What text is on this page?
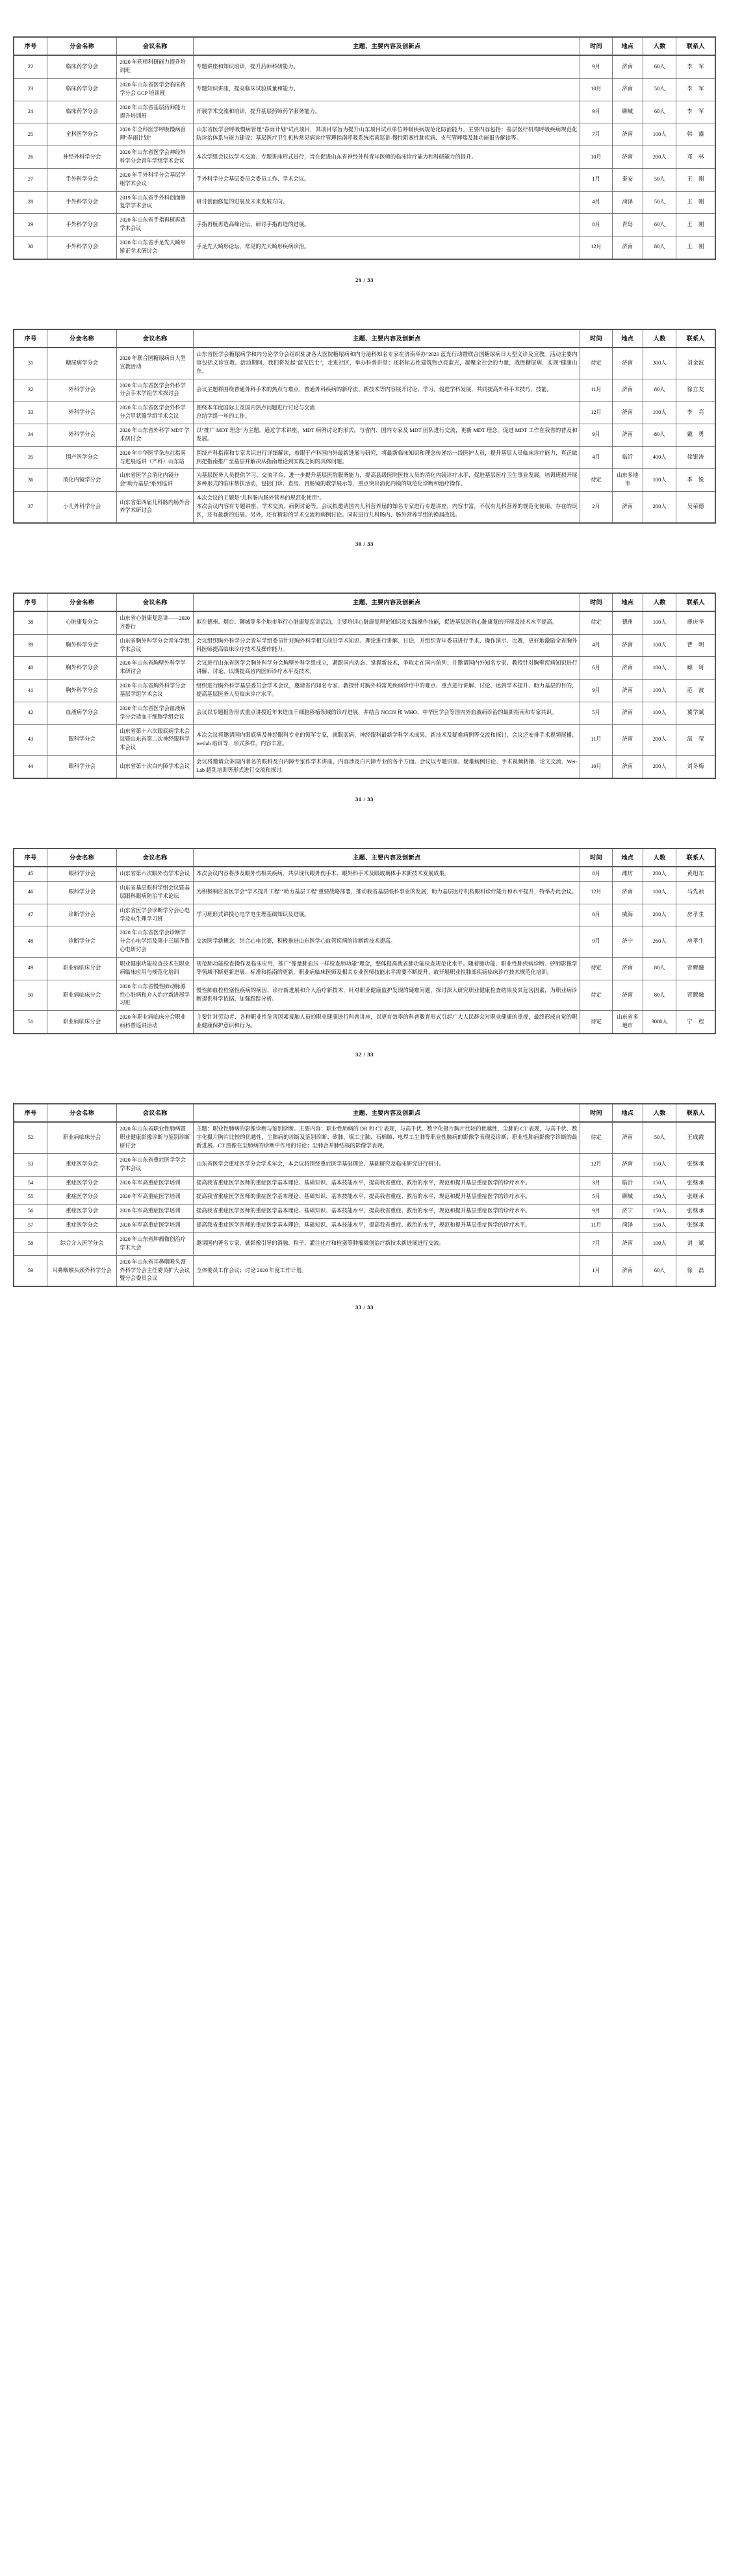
序号	分会名称	会议名称	主题、主要内容及创新点	时间	地点	人数	联系人
22	临床药学分会	2020 年药师科研能力提升培训班	专题讲座和知识培训，提升药师科研能力。	9月	济南	60人	李　军
23	临床药学分会	2020 年山东省医学会临床药学分会 GCP 培训班	专题知识讲座，提高临床试验质量和能力。	10月	济南	50人	李　军
24	临床药学分会	2020 年山东省基层药师能力提升培训班	开展学术交流和培训，提升基层药师药学服务能力。	9月	聊城	60人	李　军
25	全科医学分会	2020 年全科医学呼吸慢病管理"春雨计划"	山东省医学会呼吸慢病管理"春雨计划"试点项目，其项目宗旨为提升山东项目试点单位呼吸疾病规范化防治能力。主要内容包括：基层医疗机构呼吸疾病规范化防诊治体系与能力建设；基层医疗卫生机构常见病诊疗管理指南呼吸系统指南巡讲-慢性阻塞性肺疾病、支气管哮喘及肺功能报告解读等。	7月	济南	100人	韩　露
26	神经外科学分会	2020 年山东省医学会神经外科学分会青年学组学术会议	本次学组会议以学术交流、专题讲座形式进行，旨在促进山东省神经外科青年医师的临床诊疗能力和科研能力的提升。	10月	济南	200人	邓　林
27	手外科学分会	2020 年手外科学分会基层学组学术会议	手外科学分会基层委员会委员工作、学术会议。	1月	泰安	50人	王　刚
28	手外科学分会	2019 年山东省手外科创面修复学学术会议	研讨创面修复的进展及未来发展方向。	4月	菏泽	50人	王　刚
29	手外科学分会	2020 年山东省手指再植再造学术会议	手指再植再造高峰论坛，研讨手指再造的进展。	8月	青岛	60人	王　刚
30	手外科学分会	2020 年山东省手足先天畸形矫正学术研讨会	手足先天畸形论坛，常见的先天畸形疾病诊治。	12月	济南	80人	王　刚
29 / 33
序号	分会名称	会议名称	主题、主要内容及创新点	时间	地点	人数	联系人
31	糖尿病学分会	2020 年联合国糖尿病日大型宣教活动	山东省医学会糖尿病学和内分泌学分会组织驻济各大医院糖尿病和内分泌科知名专家在济南举办"2020 蓝光行动暨联合国糖尿病日大型义诊及宣教。活动主要内容包括义诊宣教、活动期间，我们将发起"蓝光巴士"，走进社区，举办科普讲堂；还将标志性建筑物点亮蓝光，凝聚全社会的力量，战胜糖尿病，实现"健康山东。	待定	济南	300人	刘金波
32	外科学分会	2020 年山东省医学会外科学分会手术学组学术探讨会	会议主题将围绕普通外科手术的热点与难点、普通外科疾病的新疗法、新技术等内容展开讨论、学习，促进学科发展，共同提高外科手术技巧、技能。	11月	济南	80人	徐立友
33	外科学分会	2020 年山东省医学会外科学分会甲状腺学组学术会议	围绕本年度国际上及国内热点问题进行讨论与交流
总结学组一年的工作。	12月	济南	100人	李　亮
34	外科学分会	2020 年山东省外科学 MDT 学术研讨会	以"推广 MDT 理念"为主题，通过学术讲座、MDT 病例讨论的形式，与省内、国内专家及 MDT 团队进行交流，更新 MDT 理念，促进 MDT 工作在我省的普及和发展。	9月	济南	80人	戴　勇
35	围产医学分会	2020 年中华医学杂志社指南与进展巡讲（产科）山东站	围绕产科指南和专家共识进行详细解读，着眼于产科国内外最新进展与研究，将最新临床知识和理念传递给一线医护人员，提升基层人员临床诊疗能力，真正做到把指南推广至基层并解决从指南理论到实践之间的具体问题。	4月	临沂	400人	徐银涛
36	消化内镜学分会	山东省医学会消化内镜分会"助力基层"系列巡讲	为基层医务人员提供学习、交流平台，进一步提升基层医院服务能力，提高县级医院医技人员的消化内镜诊疗水平，促进基层医疗卫生事业发展。培训班拟开展多种形式的临床帮扶活动，包括门诊、查房、胃肠镜的教学展示等，重点突出消化内镜的规范化诊断和治疗操作。	待定	山东多地市	100人	季　锐
37	小儿外科学分会	山东省第四届儿科肠内肠外营养学术研讨会	本次会议的主题是"儿科肠内肠外营养的规范化使用"。
本次会议内容有专题讲座、学术交流、病例讨论等。会议拟邀请国内儿科营养届的知名专家进行专题讲座，内容丰富，不仅有儿科营养的规范化使用，存在的误区，还有最新的进展。另外，还有精彩的学术交流和病例讨论。同时进行儿科肠内、肠外营养学组的换届改选。	2月	济南	200人	吴荣德
30 / 33
序号	分会名称	会议名称	主题、主要内容及创新点	时间	地点	人数	联系人
38	心脏康复分会	山东省心脏康复巡讲——2020 齐鲁行	拟在德州、烟台、聊城等多个地市举行心脏康复巡讲活动，主要培训心脏康复理论知识及实践操作技能，促进基层医院心脏康复的开展及技术水平提高。	待定	德州	100人	鹿庆华
39	胸外科学分会	山东省胸外科学分会青年学组学术会议	会议组织胸外科学分会青年学组委员针对胸外科学相关前沿学术知识、理论进行讲解、讨论，并组织青年委员进行手术、操作演示、比赛，更好地激励全省胸外科医师提高临床诊疗技术及操作能力。	4月	济南	100人	曹　明
40	胸外科学分会	2020 年山东省胸壁外科学学术研讨会	会议进行山东省医学会胸外科学分会胸壁外科学组成立，紧跟国内动态、掌握新技术，争取走在国内前列；并邀请国内外知名专家、教授针对胸壁疾病知识进行讲解、讨论，以期提高省内医师诊疗水平及技术。	6月	济南	100人	臧　琦
41	胸外科学分会	2020 年山东省胸外科学分会基层学组学术会议	组织进行胸外科学基层委员会学术会议，邀请省内知名专家、教授针对胸外科常见疾病诊疗中的难点、重点进行讲解、讨论，达到学术提升、助力基层的目的，提高基层医务人员临床诊疗水平。	9月	济南	100人	范　波
42	血液病学分会	2020 年山东省医学会血液病学分会造血干细胞学组会议	会议以专题报告形式重点讲授近年来造血干细胞移植领域的诊疗进展，并结合 NCCN 和 WHO、中华医学会等国内外血液病诊治的最新指南和专家共识。	5月	济南	100人	冀学斌
43	眼科学分会	山东省第十六次眼底病学术会议暨山东省第二次神经眼科学术会议	本次会议将邀请国内眼底病及神经眼科专业的领军专家，就眼底病、神经眼科最新学科学术成果、新技术及疑难病例等交流和探讨，会议还安排手术视频展播、wetlab 培训等，形式多样，内容丰富。	11月	济南	200人	温　莹
44	眼科学分会	山东省第十次白内障学术会议	会议将邀请众多国内著名的眼科及白内障专家作学术讲座，内容涉及白内障专业的各个方面。会议以专题讲座、疑难病例讨论、手术视频转播、论文交流、Wet-Lab 超乳培训等形式进行交流和探讨。	10月	济南	200人	刘冬梅
31 / 33
序号	分会名称	会议名称	主题、主要内容及创新点	时间	地点	人数	联系人
45	眼科学分会	山东省第六次眼外伤学术会议	本次会议内容将涉及眼外伤相关疾病，共享现代眼外伤手术、眼外科手术及眼玻璃体手术新技术发展成果。	8月	潍坊	200人	黄旭东
46	眼科学分会	山东省基层眼科学组会议暨基层眼科眼病防治学术论坛	为积极响应省医学会"学术提升工程""助力基层工程"重要战略部署，推动我省基层眼科事业的发展，助力基层医疗机构眼科诊疗能力和水平提升，特举办此会议。	12月	济南	100人	马先祯
47	诊断学分会	山东省医学会诊断学分会心电学及电生理学习班	学习班形式讲授心电学电生理基础知识及进展。	8月	威海	200人	房孝生
48	诊断学分会	2020 年山东省医学会诊断学分会心电学组及第十三届齐鲁心电研讨会	交流医学新概念，结合心电比赛，积极推进山东医学心血管疾病的诊断新技术提高。	9月	济宁	260人	房孝生
49	职业病临床分会	职业健康功能检查技术在职业病临床应用与规范化培训	规范肺功能检查操作及临床应用，推广"像量肺血压一样检查肺功能"理念，整体提高我省肺功能检查规范化水平。随着肺功能、职业性肺疾病诊断、矽肺影像学等领域不断更新进展、标准和指南的更新，职业病临床医师及相关专业医师技能水平需要不断提升，故开展职业性肺部疾病临床诊疗技术规范化培训。	待定	济南	80人	菅瞭融
50	职业病临床分会	2020 年山东省慢性肺动脉源性心脏病和介入治疗新进展学习班	慢性肺血栓栓塞性疾病的病因、诊疗新进展和介入治疗新技术，针对职业健康监护发现的疑难问题，探讨深入研究职业健康检查结果及其危害因素，为职业病诊断提供科学依据。加强跟踪分析。	待定	济南	80人	菅瞭融
51	职业病临床分会	2020 年职业病临床分会职业病科普巡讲活动	主要针对劳动者、各种职业性危害因素接触人员的职业健康进行科普讲座，以更有效率的科普教育形式引起广大人民群众对职业健康的重视，最终形成自觉的职业健康保护意识和行为。	待定	山东省多地市	3000人	宁　程
32 / 33
序号	分会名称	会议名称	主题、主要内容及创新点	时间	地点	人数	联系人
52	职业病临床分会	2020 年山东省职业性肺病暨职业健康影像诊断与鉴别诊断研讨会	主题：职业性肺病的影像诊断与鉴别诊断。主要内容：职业性肺病的 DR 和 CT 表现，与高千伏、数字化摄片胸片比较的优越性，尘肺的 CT 表现，与高千伏、数字化摄片胸片比较的优越性，尘肺病的诊断及鉴别诊断；矽肺、煤工尘肺、石棉肺、电焊工尘肺等职业性肺病的影像学表现及诊断；职业性肺病影像学诊断的最新进展。CT 图像在尘肺病的诊断中作用的讨论；尘肺合并肺结核的影像学表现。	待定	济南	50人	王成霞
53	重症医学分会	2020 年山东省重症医学学会学术会议	山东省医学会重症医学分会学术年会，本会议将围绕重症医学基础理论、基础研究及临床研究进行研讨。	12月	济南	150人	张继承
54	重症医学分会	2020 年军高重症医学培训	提高我省重症医学医师的重症医学基本理论、基础知识、基本技能水平，提高我省重症、救治的水平，规范和提升基层重症医学的诊疗水平。	3月	临沂	150人	张继承
55	重症医学分会	2020 年军高重症医学培训	提高我省重症医学医师的重症医学基本理论、基础知识、基本技能水平，提高我省重症、救治的水平，规范和提升基层重症医学的诊疗水平。	5月	聊城	150人	张继承
56	重症医学分会	2020 年军高重症医学培训	提高我省重症医学医师的重症医学基本理论、基础知识、基本技能水平，提高我省重症、救治的水平，规范和提升基层重症医学的诊疗水平。	9月	济宁	150人	张继承
57	重症医学分会	2020 年军高重症医学培训	提高我省重症医学医师的重症医学基本理论、基础知识、基本技能水平，提高我省重症、救治的水平，规范和提升基层重症医学的诊疗水平。	11月	菏泽	150人	张继承
58	综合介入医学分会	2020 年山东省肿瘤微创治疗学术大会	邀请国内著名专家，就影像引导的消融、粒子、灌注化疗和栓塞等肿瘤微创治疗新技术新进展进行交流。	7月	济南	100人	刘　斌
59	耳鼻咽喉头颈外科学分会	2020 年山东省耳鼻咽喉头颈外科学分会主任委员扩大会议暨分会委员会议	全体委员工作会议；讨论 2020 年度工作计划。	1月	济南	60人	徐　磊
33 / 33
